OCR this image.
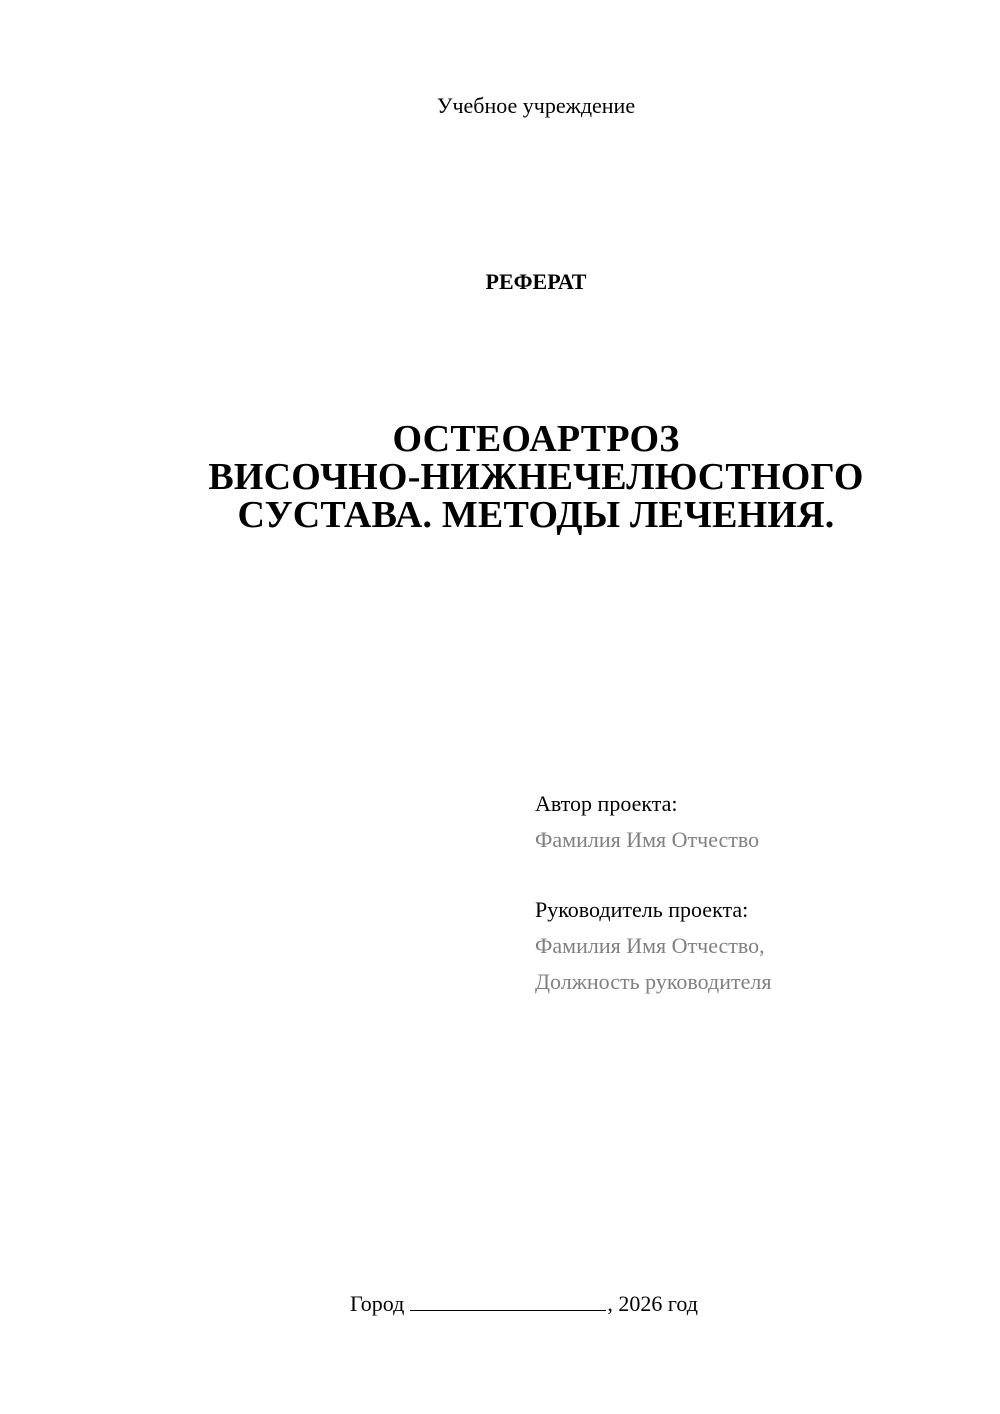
Учебное учреждение
РЕФЕРАТ
ОСТЕОАРТРОЗ
ВИСОЧНО-НИЖНЕЧЕЛЮСТНОГО
СУСТАВА. МЕТОДЫ ЛЕЧЕНИЯ.
Автор проекта:
Фамилия Имя Отчество
Руководитель проекта:
Фамилия Имя Отчество,
Должность руководителя
Город	, 2026 год
